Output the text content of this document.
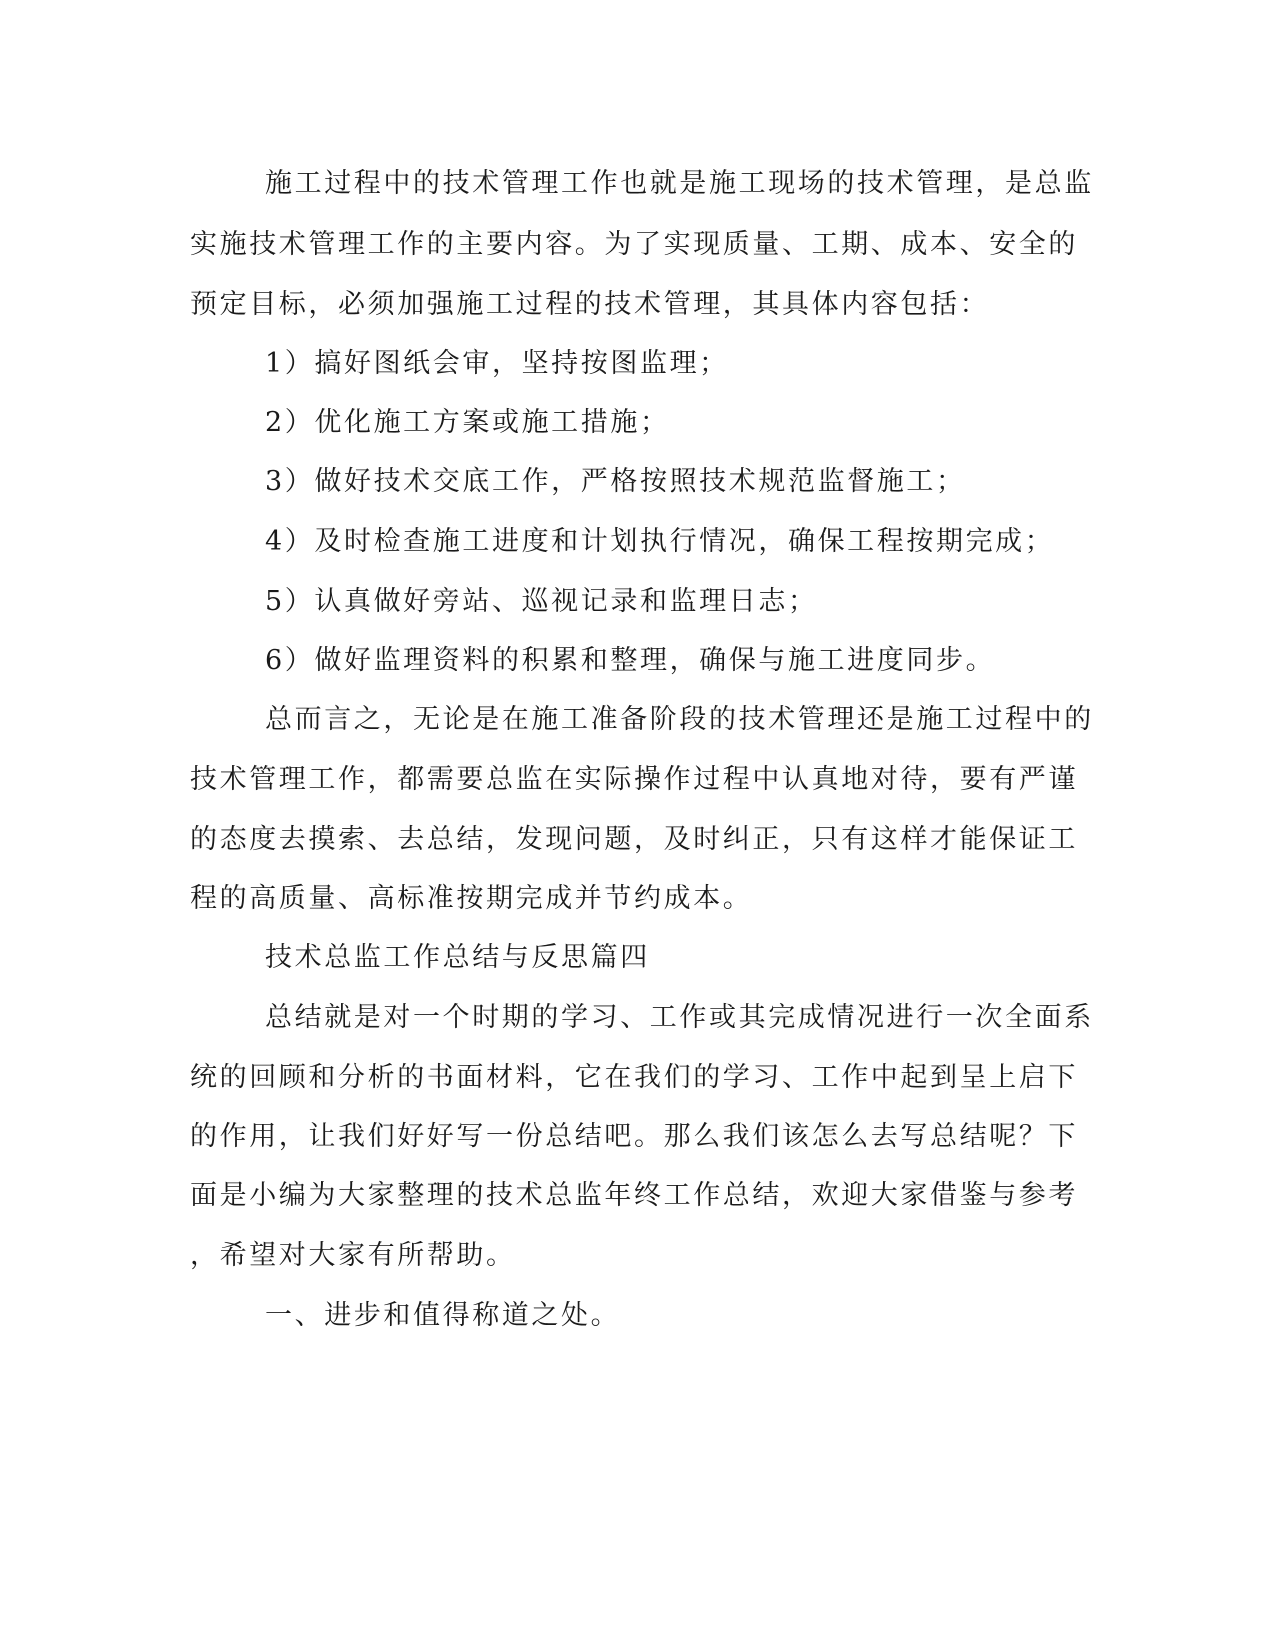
施工过程中的技术管理工作也就是施工现场的技术管理，是总监
实施技术管理工作的主要内容。为了实现质量、工期、成本、安全的
预定目标，必须加强施工过程的技术管理，其具体内容包括：
1）搞好图纸会审，坚持按图监理；
2）优化施工方案或施工措施；
3）做好技术交底工作，严格按照技术规范监督施工；
4）及时检查施工进度和计划执行情况，确保工程按期完成；
5）认真做好旁站、巡视记录和监理日志；
6）做好监理资料的积累和整理，确保与施工进度同步。
总而言之，无论是在施工准备阶段的技术管理还是施工过程中的
技术管理工作，都需要总监在实际操作过程中认真地对待，要有严谨
的态度去摸索、去总结，发现问题，及时纠正，只有这样才能保证工
程的高质量、高标准按期完成并节约成本。
技术总监工作总结与反思篇四
总结就是对一个时期的学习、工作或其完成情况进行一次全面系
统的回顾和分析的书面材料，它在我们的学习、工作中起到呈上启下
的作用，让我们好好写一份总结吧。那么我们该怎么去写总结呢？下
面是小编为大家整理的技术总监年终工作总结，欢迎大家借鉴与参考
，希望对大家有所帮助。
一、进步和值得称道之处。
